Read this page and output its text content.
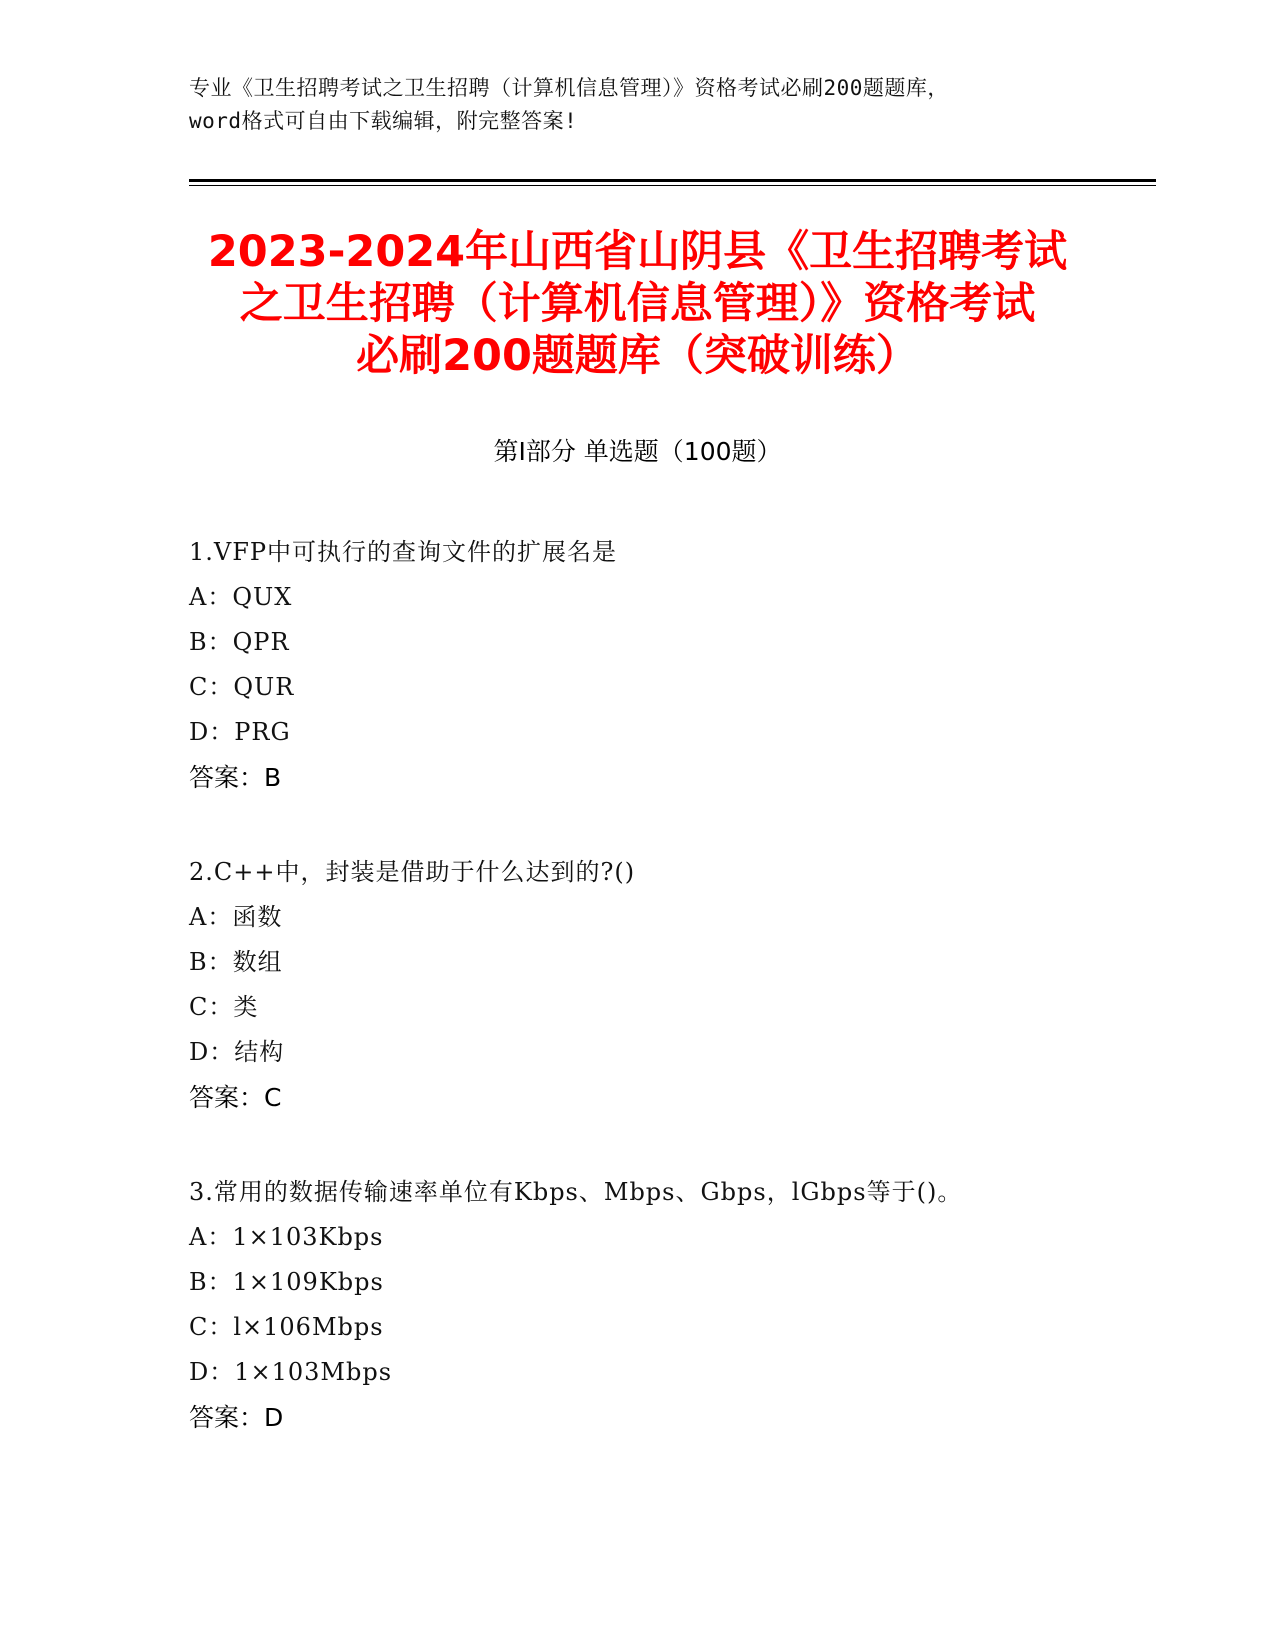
专业《卫生招聘考试之卫生招聘（计算机信息管理）》资格考试必刷200题题库，
word格式可自由下载编辑，附完整答案!
2023-2024年山西省山阴县《卫生招聘考试
之卫生招聘（计算机信息管理）》资格考试
必刷200题题库（突破训练）
第Ⅰ部分 单选题（100题）
1.VFP中可执行的查询文件的扩展名是
A：QUX
B：QPR
C：QUR
D：PRG
答案：B
2.C++中，封装是借助于什么达到的?()
A：函数
B：数组
C：类
D：结构
答案：C
3.常用的数据传输速率单位有Kbps、Mbps、Gbps，lGbps等于()。
A：1×103Kbps
B：1×109Kbps
C：l×106Mbps
D：1×103Mbps
答案：D
